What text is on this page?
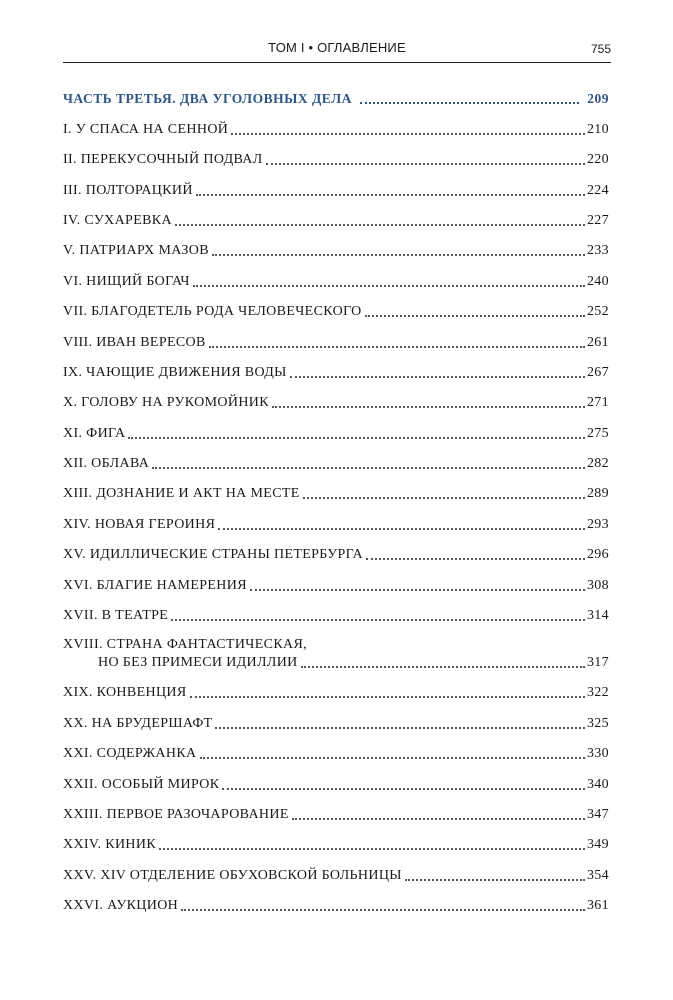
ТОМ I • ОГЛАВЛЕНИЕ	755
ЧАСТЬ ТРЕТЬЯ. ДВА УГОЛОВНЫХ ДЕЛА	209
I. У СПАСА НА СЕННОЙ	210
II. ПЕРЕКУСОЧНЫЙ ПОДВАЛ	220
III. ПОЛТОРАЦКИЙ	224
IV. СУХАРЕВКА	227
V. ПАТРИАРХ МАЗОВ	233
VI. НИЩИЙ БОГАЧ	240
VII. БЛАГОДЕТЕЛЬ РОДА ЧЕЛОВЕЧЕСКОГО	252
VIII. ИВАН ВЕРЕСОВ	261
IX. ЧАЮЩИЕ ДВИЖЕНИЯ ВОДЫ	267
X. ГОЛОВУ НА РУКОМОЙНИК	271
XI. ФИГА	275
XII. ОБЛАВА	282
XIII. ДОЗНАНИЕ И АКТ НА МЕСТЕ	289
XIV. НОВАЯ ГЕРОИНЯ	293
XV. ИДИЛЛИЧЕСКИЕ СТРАНЫ ПЕТЕРБУРГА	296
XVI. БЛАГИЕ НАМЕРЕНИЯ	308
XVII. В ТЕАТРЕ	314
XVIII. СТРАНА ФАНТАСТИЧЕСКАЯ,
НО БЕЗ ПРИМЕСИ ИДИЛЛИИ	317
XIX. КОНВЕНЦИЯ	322
XX. НА БРУДЕРШАФТ	325
XXI. СОДЕРЖАНКА	330
XXII. ОСОБЫЙ МИРОК	340
XXIII. ПЕРВОЕ РАЗОЧАРОВАНИЕ	347
XXIV. КИНИК	349
XXV. XIV ОТДЕЛЕНИЕ ОБУХОВСКОЙ БОЛЬНИЦЫ	354
XXVI. АУКЦИОН	361
